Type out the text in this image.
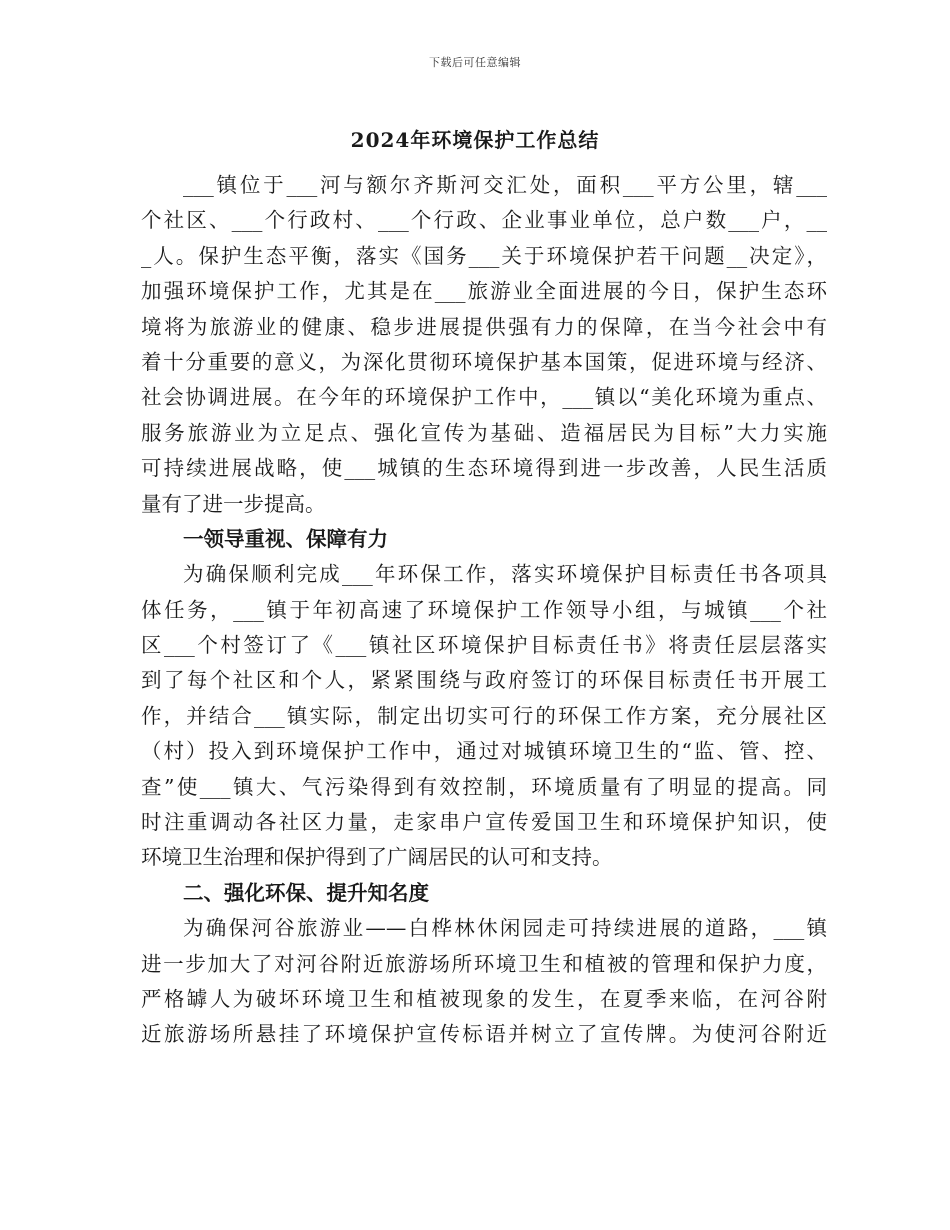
下载后可任意编辑
2024年环境保护工作总结
___镇位于___河与额尔齐斯河交汇处，面积___平方公里，辖___
个社区、___个行政村、___个行政、企业事业单位，总户数___户，__
_人。保护生态平衡，落实《国务___关于环境保护若干问题__决定》，
加强环境保护工作，尤其是在___旅游业全面进展的今日，保护生态环
境将为旅游业的健康、稳步进展提供强有力的保障，在当今社会中有
着十分重要的意义，为深化贯彻环境保护基本国策，促进环境与经济、
社会协调进展。在今年的环境保护工作中，___镇以“美化环境为重点、
服务旅游业为立足点、强化宣传为基础、造福居民为目标”大力实施
可持续进展战略，使___城镇的生态环境得到进一步改善，人民生活质
量有了进一步提高。
一领导重视、保障有力
为确保顺利完成___年环保工作，落实环境保护目标责任书各项具
体任务，___镇于年初高速了环境保护工作领导小组，与城镇___个社
区___个村签订了《___镇社区环境保护目标责任书》将责任层层落实
到了每个社区和个人，紧紧围绕与政府签订的环保目标责任书开展工
作，并结合___镇实际，制定出切实可行的环保工作方案，充分展社区
（村）投入到环境保护工作中，通过对城镇环境卫生的“监、管、控、
查”使___镇大、气污染得到有效控制，环境质量有了明显的提高。同
时注重调动各社区力量，走家串户宣传爱国卫生和环境保护知识，使
环境卫生治理和保护得到了广阔居民的认可和支持。
二、强化环保、提升知名度
为确保河谷旅游业——白桦林休闲园走可持续进展的道路，___镇
进一步加大了对河谷附近旅游场所环境卫生和植被的管理和保护力度，
严格罅人为破坏环境卫生和植被现象的发生，在夏季来临，在河谷附
近旅游场所悬挂了环境保护宣传标语并树立了宣传牌。为使河谷附近
